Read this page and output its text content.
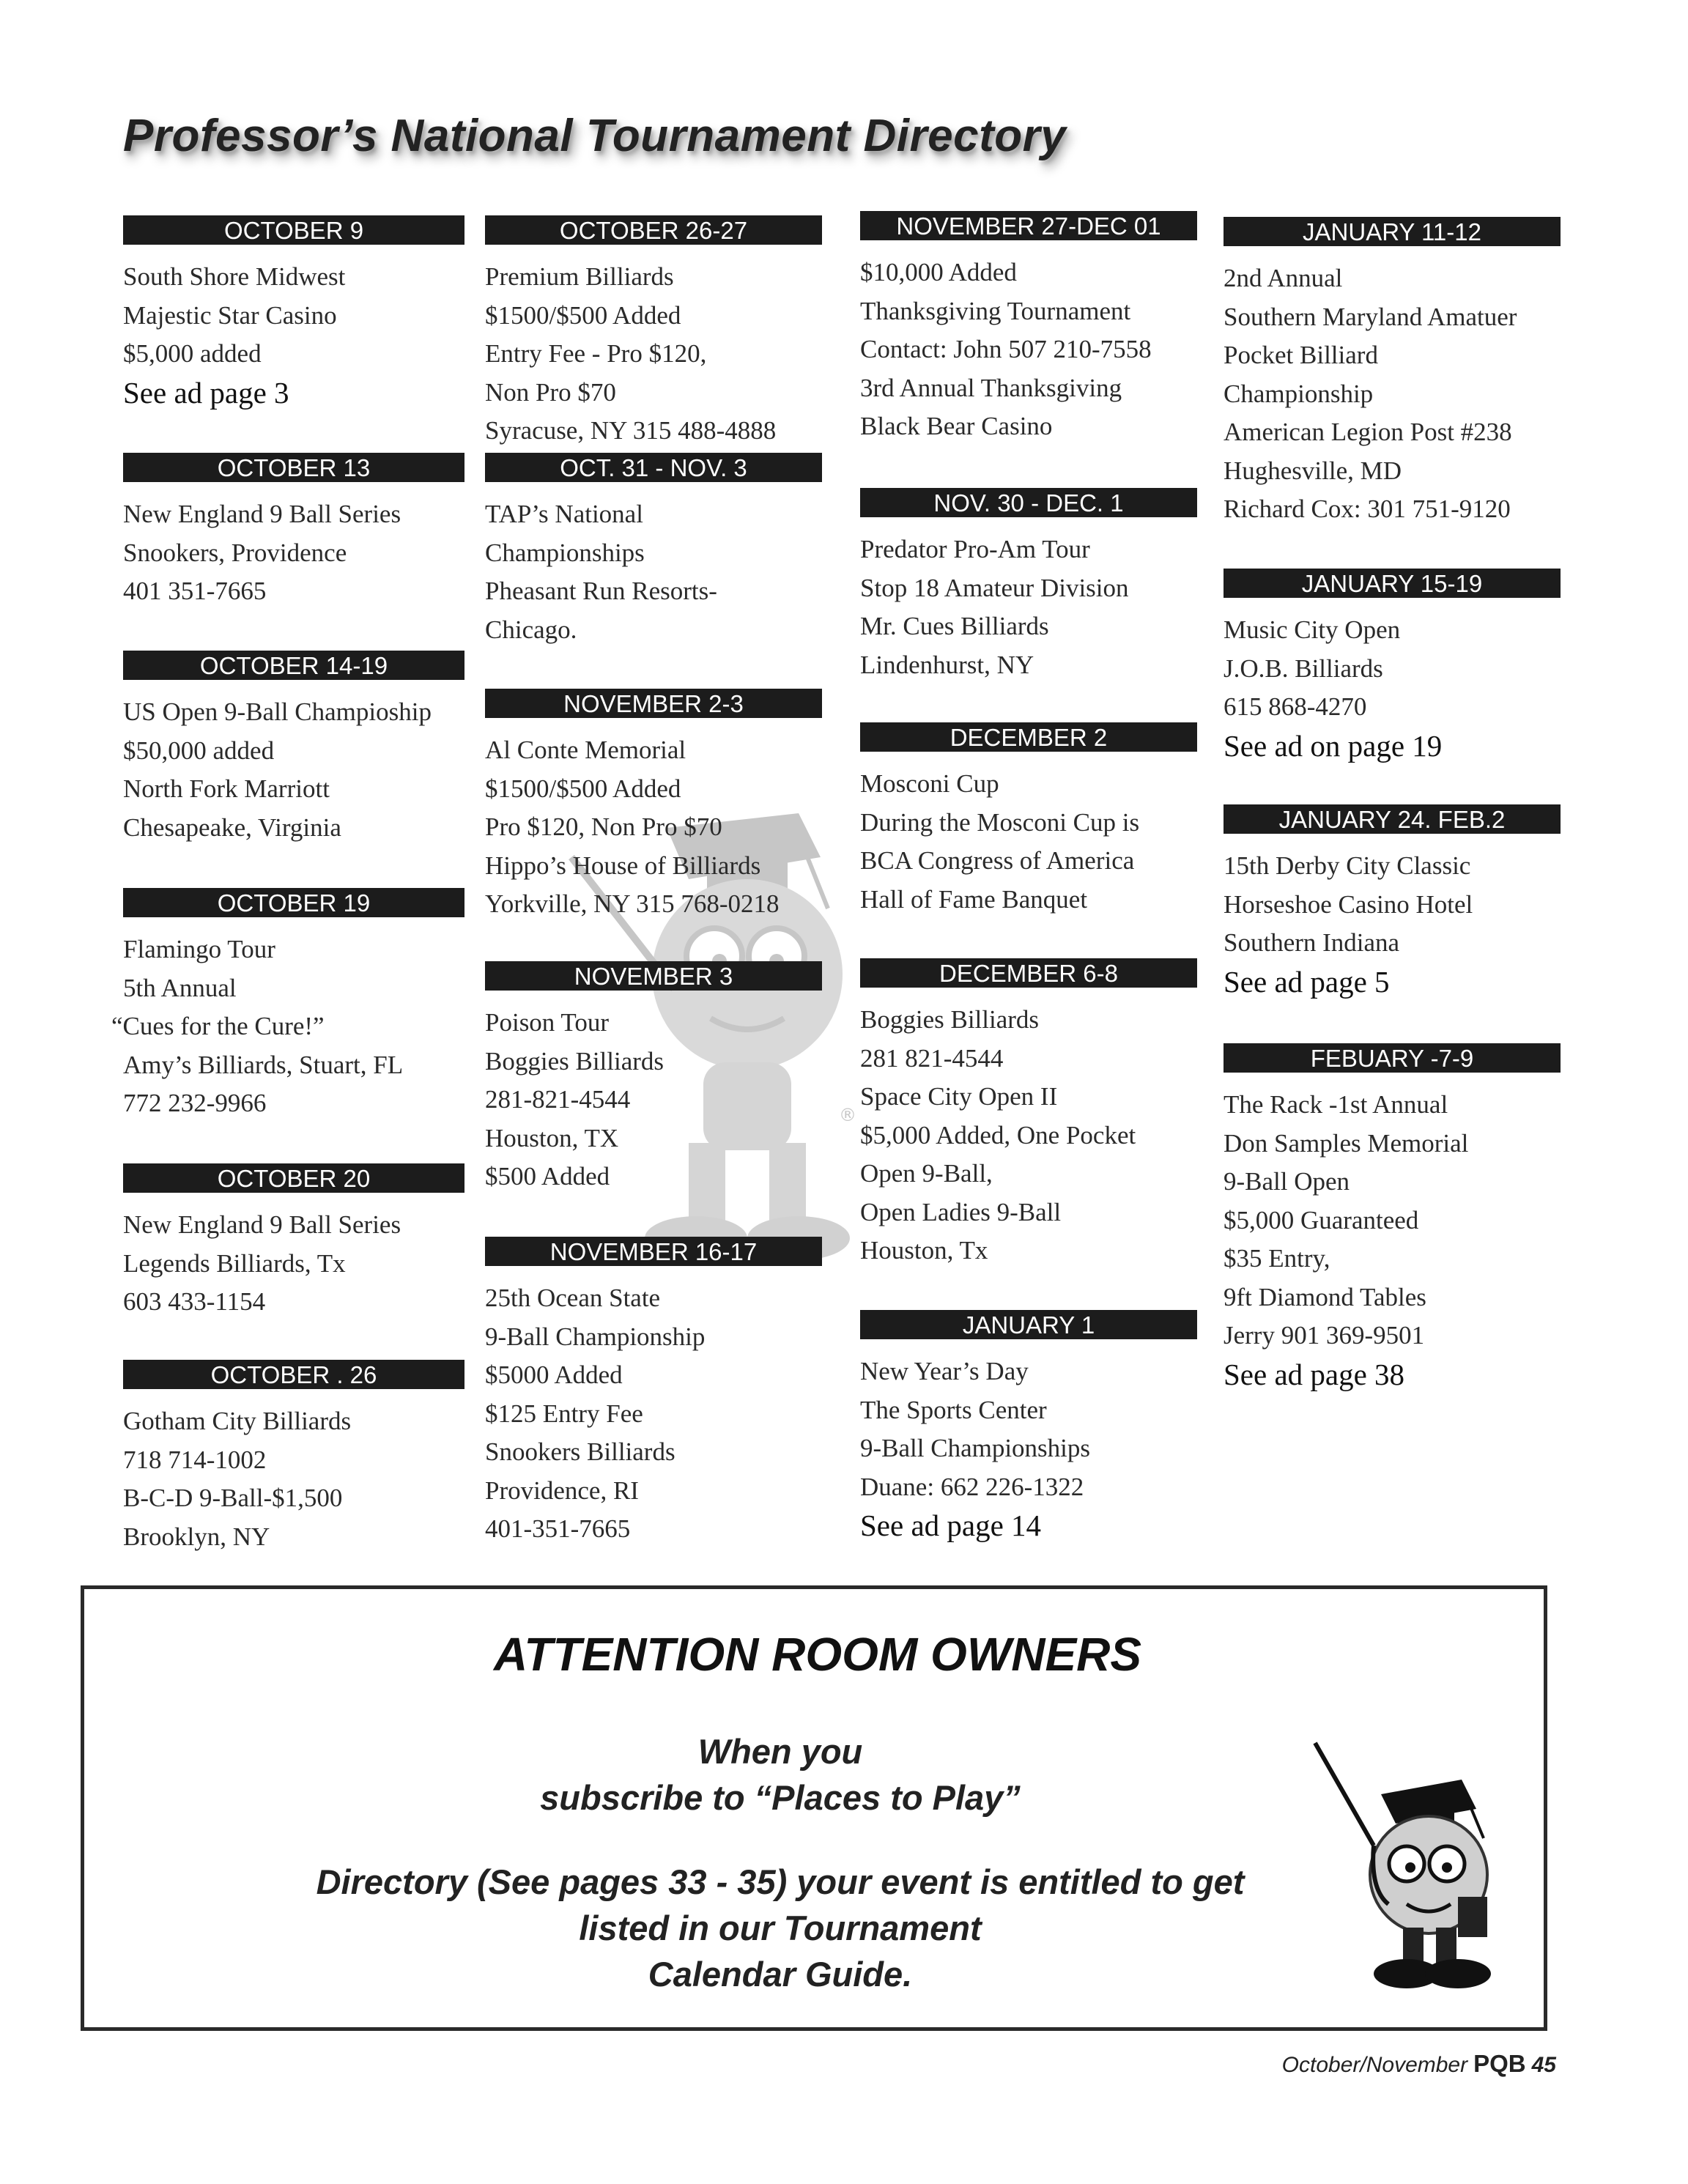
Professor’s National Tournament Directory
®
OCTOBER 9
South Shore Midwest
Majestic Star Casino
$5,000 added
See ad page 3
OCTOBER 13
New England 9 Ball Series
Snookers, Providence
401 351-7665
OCTOBER 14-19
US Open 9-Ball Champioship
$50,000 added
North Fork Marriott
Chesapeake, Virginia
OCTOBER 19
Flamingo Tour
5th Annual
“Cues for the Cure!”
Amy’s Billiards, Stuart, FL
772 232-9966
OCTOBER 20
New England 9 Ball Series
Legends Billiards, Tx
603 433-1154
OCTOBER . 26
Gotham City Billiards
718 714-1002
B-C-D 9-Ball-$1,500
Brooklyn, NY
OCTOBER 26-27
Premium Billiards
$1500/$500 Added
Entry Fee - Pro $120,
Non Pro $70
Syracuse, NY 315 488-4888
OCT. 31 - NOV. 3
TAP’s National
Championships
Pheasant Run Resorts-
Chicago.
NOVEMBER 2-3
Al Conte Memorial
$1500/$500 Added
Pro $120, Non Pro $70
Hippo’s House of Billiards
Yorkville, NY 315 768-0218
NOVEMBER 3
Poison Tour
Boggies Billiards
281-821-4544
Houston, TX
$500 Added
NOVEMBER 16-17
25th Ocean State
9-Ball Championship
$5000 Added
$125 Entry Fee
Snookers Billiards
Providence, RI
401-351-7665
NOVEMBER 27-DEC 01
$10,000 Added
Thanksgiving Tournament
Contact: John 507 210-7558
3rd Annual Thanksgiving
Black Bear Casino
NOV. 30 - DEC. 1
Predator Pro-Am Tour
Stop 18 Amateur Division
Mr. Cues Billiards
Lindenhurst, NY
DECEMBER 2
Mosconi Cup
During the Mosconi Cup is
BCA Congress of America
Hall of Fame Banquet
DECEMBER 6-8
Boggies Billiards
281 821-4544
Space City Open II
$5,000 Added, One Pocket
Open 9-Ball,
Open Ladies 9-Ball
Houston, Tx
JANUARY 1
New Year’s Day
The Sports Center
9-Ball Championships
Duane: 662 226-1322
See ad page 14
JANUARY 11-12
2nd Annual
Southern Maryland Amatuer
Pocket Billiard
Championship
American Legion Post #238
Hughesville, MD
Richard Cox: 301 751-9120
JANUARY 15-19
Music City Open
J.O.B. Billiards
615 868-4270
See ad on page 19
JANUARY 24. FEB.2
15th Derby City Classic
Horseshoe Casino Hotel
Southern Indiana
See ad page 5
FEBUARY -7-9
The Rack -1st Annual
Don Samples Memorial
9-Ball Open
$5,000 Guaranteed
$35 Entry,
9ft Diamond Tables
Jerry 901 369-9501
See ad page 38
ATTENTION ROOM OWNERS
When you
subscribe to “Places to Play”
Directory (See pages 33 - 35) your event is entitled to get
listed in our Tournament
Calendar Guide.
October/November PQB 45
